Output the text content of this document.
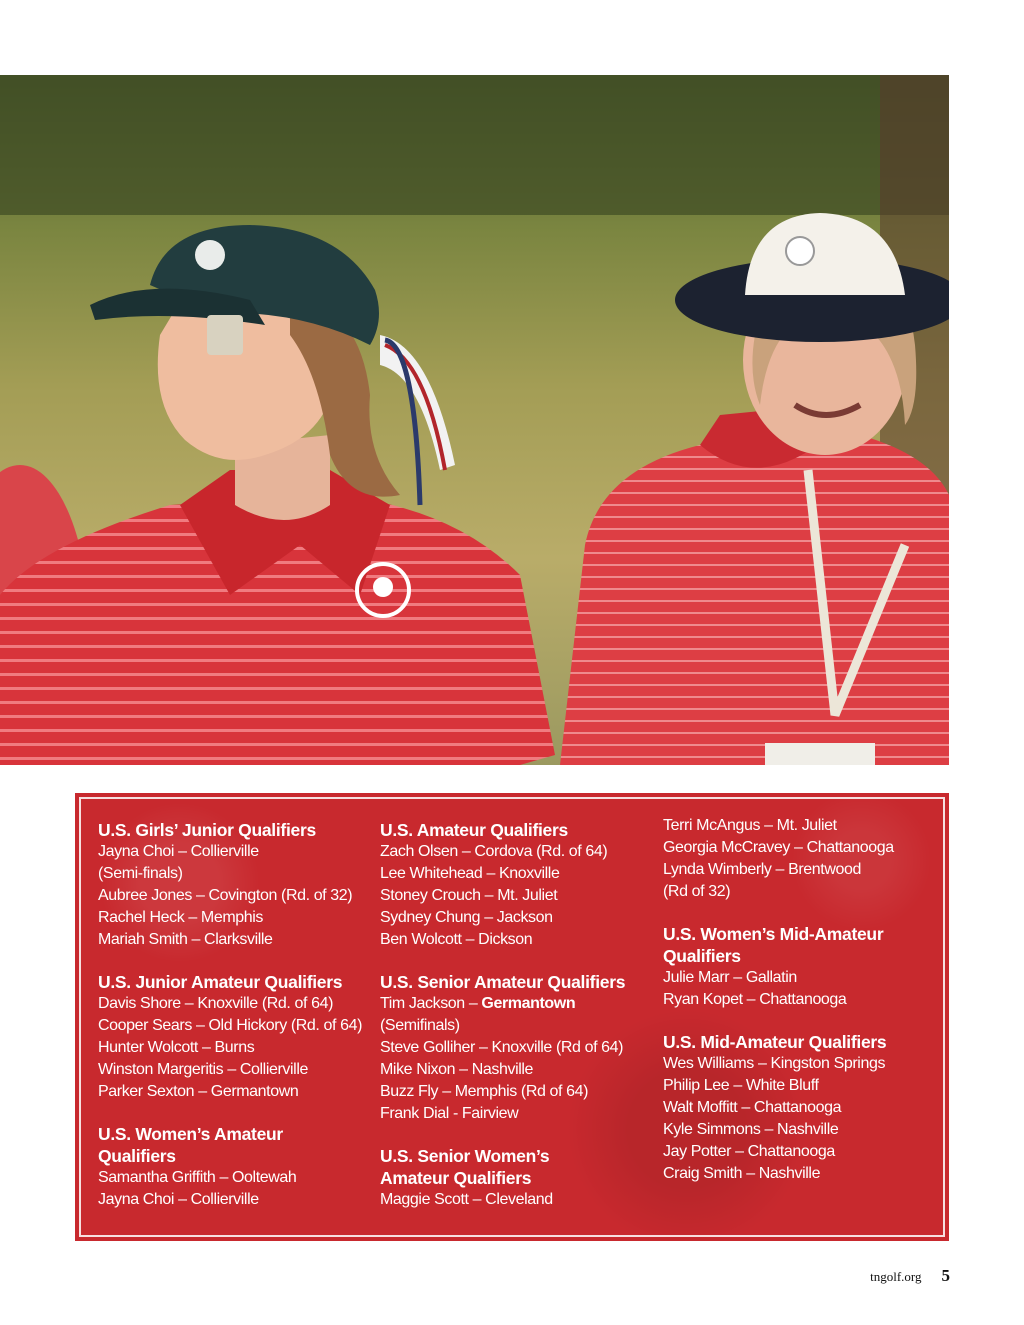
U.S. Girls’ Junior Qualifiers

Jayna Choi – Collierville

(Semi-finals)

Aubree Jones – Covington (Rd. of 32)

Rachel Heck – Memphis

Mariah Smith – Clarksville

U.S. Junior Amateur Qualifiers

Davis Shore – Knoxville (Rd. of 64)

Cooper Sears – Old Hickory (Rd. of 64)

Hunter Wolcott – Burns

Winston Margeritis – Collierville

Parker Sexton – Germantown

U.S. Women’s Amateur Qualifiers

Samantha Griffith – Ooltewah

Jayna Choi – Collierville

U.S. Amateur Qualifiers

Zach Olsen – Cordova (Rd. of 64)

Lee Whitehead – Knoxville

Stoney Crouch – Mt. Juliet

Sydney Chung – Jackson

Ben Wolcott – Dickson

U.S. Senior Amateur Qualifiers

Tim Jackson – Germantown

(Semifinals)

Steve Golliher – Knoxville (Rd of 64)

Mike Nixon – Nashville

Buzz Fly – Memphis (Rd of 64)

Frank Dial - Fairview

U.S. Senior Women’s Amateur Qualifiers

Maggie Scott – Cleveland

Terri McAngus – Mt. Juliet

Georgia McCravey – Chattanooga

Lynda Wimberly – Brentwood

(Rd of 32)

U.S. Women’s Mid-Amateur Qualifiers

Julie Marr – Gallatin

Ryan Kopet – Chattanooga

U.S. Mid-Amateur Qualifiers

Wes Williams – Kingston Springs

Philip Lee – White Bluff

Walt Moffitt – Chattanooga

Kyle Simmons – Nashville

Jay Potter – Chattanooga

Craig Smith – Nashville

tngolf.org 5
